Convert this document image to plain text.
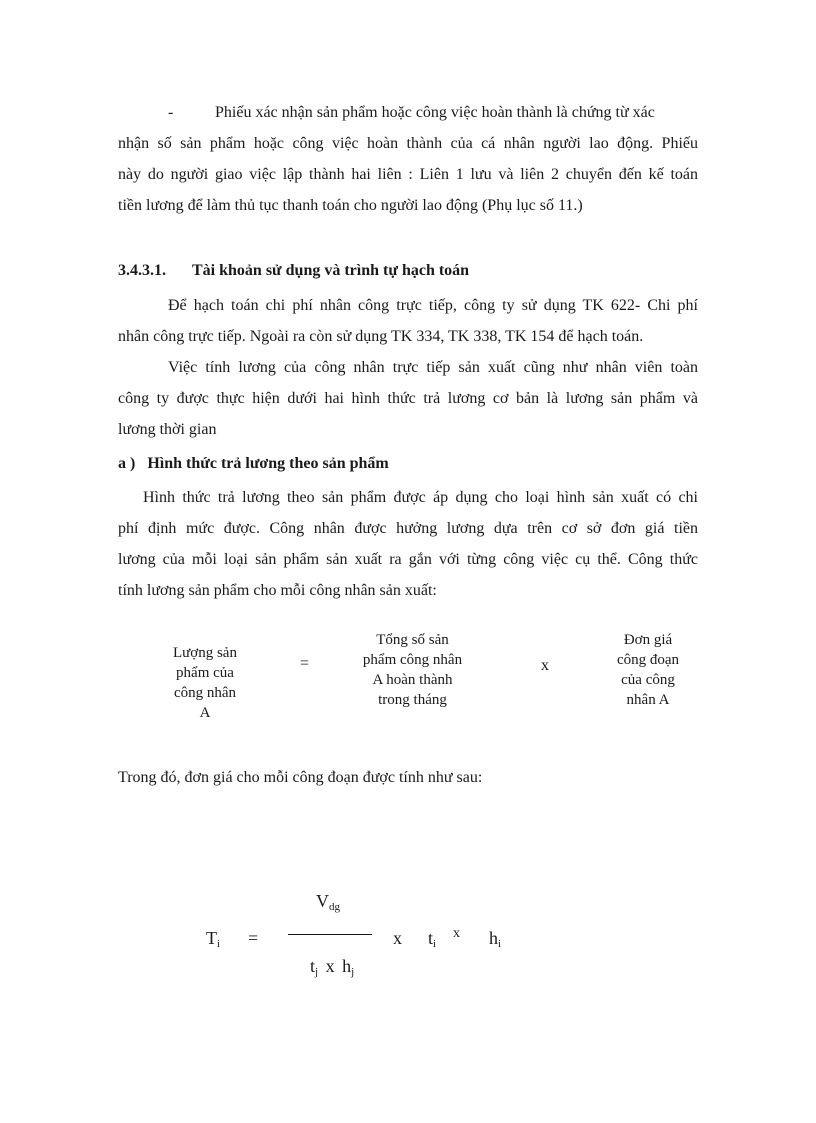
-	Phiếu xác nhận sản phẩm hoặc công việc hoàn thành là chứng từ xác
nhận số sản phẩm hoặc công việc hoàn thành của cá nhân người lao động. Phiếu
này do người giao việc lập thành hai liên : Liên 1 lưu và liên 2 chuyển đến kế toán
tiền lương để làm thủ tục thanh toán cho người lao động (Phụ lục số 11.)
3.4.3.1. Tài khoản sử dụng và trình tự hạch toán
Để hạch toán chi phí nhân công trực tiếp, công ty sử dụng TK 622- Chi phí
nhân công trực tiếp. Ngoài ra còn sử dụng TK 334, TK 338, TK 154 để hạch toán.
Việc tính lương của công nhân trực tiếp sản xuất cũng như nhân viên toàn
công ty được thực hiện dưới hai hình thức trả lương cơ bản là lương sản phẩm và
lương thời gian
a )   Hình thức trả lương theo sản phẩm
Hình thức trả lương theo sản phẩm được áp dụng cho loại hình sản xuất có chi
phí định mức được. Công nhân được hưởng lương dựa trên cơ sở đơn giá tiền
lương của mỗi loại sản phẩm sản xuất ra gắn với từng công việc cụ thể. Công thức
tính lương sản phẩm cho mỗi công nhân sản xuất:
Lượng sản
phẩm của
công nhân
A
=
Tổng số sản
phẩm công nhân
A hoàn thành
trong tháng
x
Đơn giá
công đoạn
của công
nhân A
Trong đó, đơn giá cho mỗi công đoạn được tính như sau:
$T_i$ =
$V_{dg}$
$t_j$ x $h_j$
x $t_i$
x $h_i$
